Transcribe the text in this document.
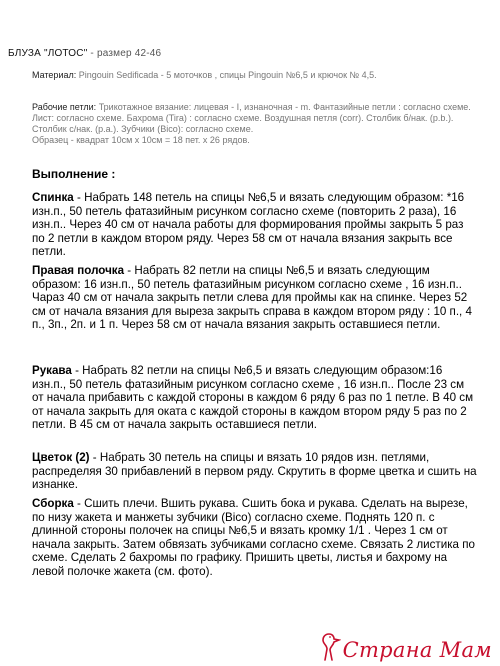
БЛУЗА "ЛОТОС" - размер 42-46
Материал: Pingouin Sedificada - 5 моточков , спицы Pingouin №6,5 и крючок № 4,5.
Рабочие петли: Трикотажное вязание: лицевая - I, изнаночная - m. Фантазийные петли : согласно схеме. Лист: согласно схеме. Бахрома (Tira) : согласно схеме. Воздушная петля (corr). Столбик б/нак. (p.b.). Столбик с/нак. (p.a.). Зубчики (Bico): согласно схеме.
Образец - квадрат 10см х 10см = 18 пет. х 26 рядов.
Выполнение :
Спинка - Набрать 148 петель на спицы №6,5 и вязать следующим образом: *16 изн.п., 50 петель фатазийным рисунком согласно схеме (повторить 2 раза), 16 изн.п.. Через 40 см от начала работы для формирования проймы закрыть 5 раз по 2 петли в каждом втором ряду. Через 58 см от начала вязания закрыть все петли.
Правая полочка - Набрать 82 петли на спицы №6,5 и вязать следующим образом: 16 изн.п., 50 петель фатазийным рисунком согласно схеме , 16 изн.п.. Чараз 40 см от начала закрыть петли слева для проймы как на спинке. Через 52 см от начала вязания для выреза закрыть справа в каждом втором ряду : 10 п., 4 п., 3п., 2п. и 1 п. Через 58 см от начала вязания закрыть оставшиеся петли.
Рукава - Набрать 82 петли на спицы №6,5 и вязать следующим образом:16 изн.п., 50 петель фатазийным рисунком согласно схеме , 16 изн.п.. После 23 см от начала прибавить с каждой стороны в каждом 6 ряду 6 раз по 1 петле. В 40 см от начала закрыть для оката с каждой стороны в каждом втором ряду 5 раз по 2 петли. В 45 см от начала закрыть оставшиеся петли.
Цветок (2) - Набрать 30 петель на спицы и вязать 10 рядов изн. петлями, распределяя 30 прибавлений в первом ряду. Скрутить в форме цветка и сшить на изнанке.
Сборка - Сшить плечи. Вшить рукава. Сшить бока и рукава. Сделать на вырезе, по низу жакета и манжеты зубчики (Bico) согласно схеме. Поднять 120 п. с длинной стороны полочек на спицы №6,5 и вязать кромку 1/1 . Через 1 см от начала закрыть. Затем обвязать зубчиками согласно схеме. Связать 2 листика по схеме. Сделать 2 бахромы по графику. Пришить цветы, листья и бахрому на левой полочке жакета (см. фото).
Страна Мам
